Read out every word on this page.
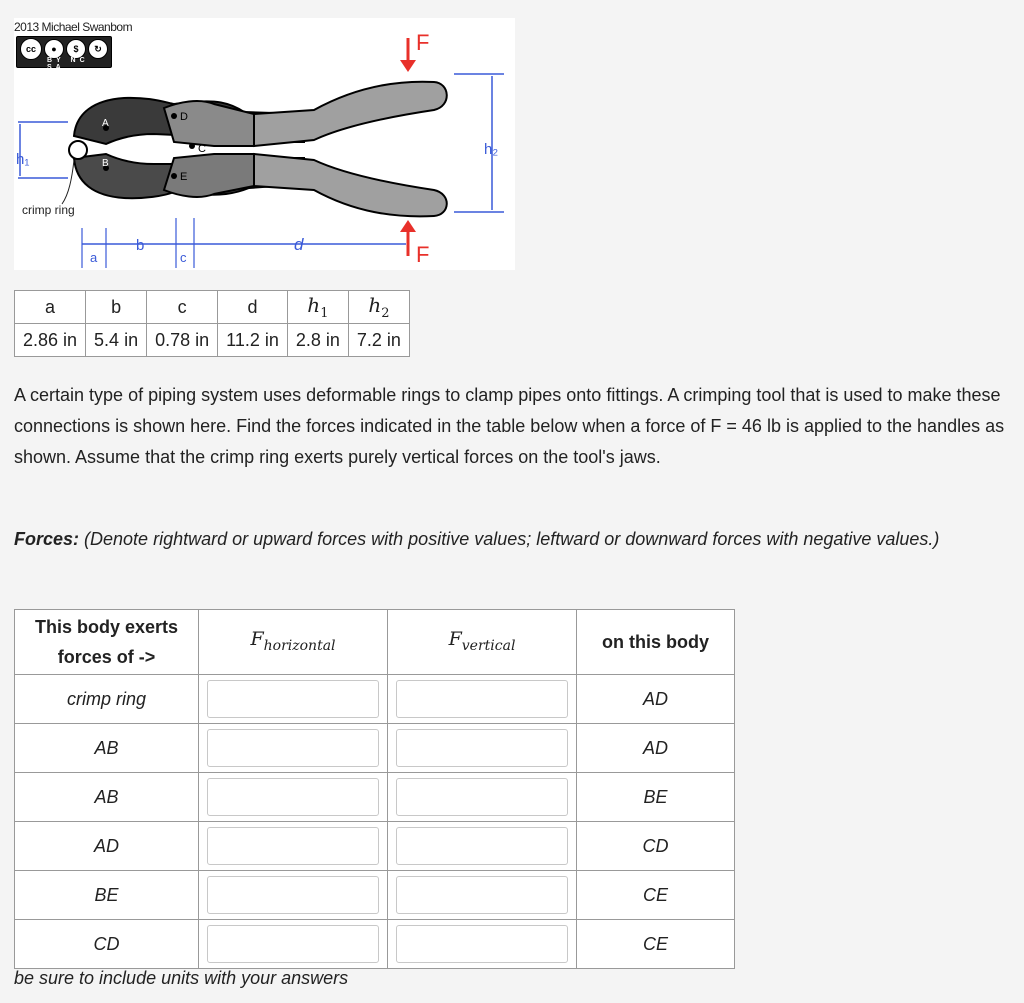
A
B
D
C
E
F
F
h₁
h₂
crimp ring
a
b
c
d
2013 Michael Swanbom
cc	●	$	↻
BY NC SA
a	b	c	d	$h_1$	$h_2$
2.86 in	5.4 in	0.78 in	11.2 in	2.8 in	7.2 in

A certain type of piping system uses deformable rings to clamp pipes onto fittings. A crimping tool that is used to make these connections is shown here. Find the forces indicated in the table below when a force of F = 46 lb is applied to the handles as shown. Assume that the crimp ring exerts purely vertical forces on the tool's jaws.

Forces: (Denote rightward or upward forces with positive values; leftward or downward forces with negative values.)

This body exerts forces of ->	$F_{horizontal}$	$F_{vertical}$	on this body
crimp ring			AD
AB			AD
AB			BE
AD			CD
BE			CE
CD			CE

be sure to include units with your answers
